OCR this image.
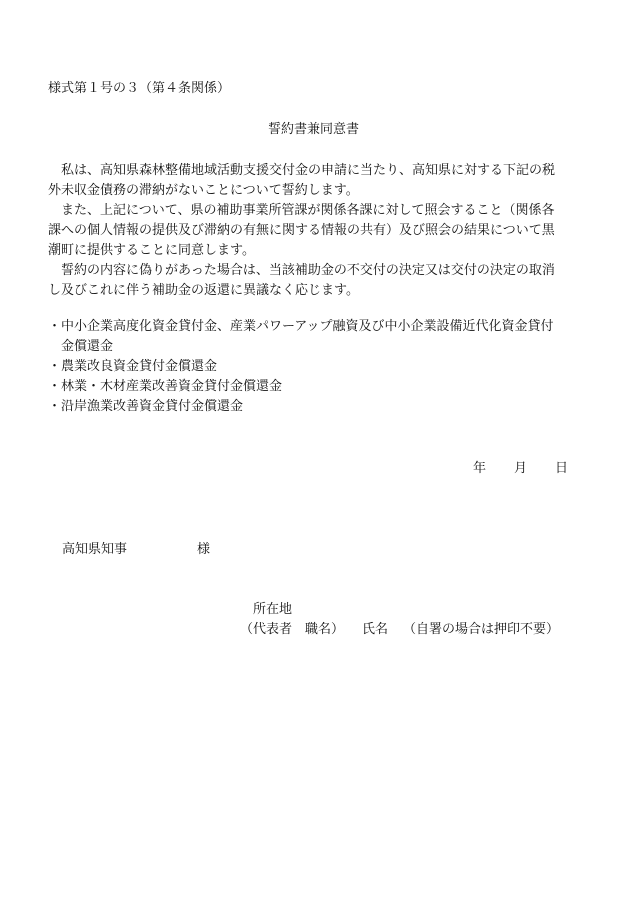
様式第１号の３（第４条関係）
誓約書兼同意書
私は、高知県森林整備地域活動支援交付金の申請に当たり、高知県に対する下記の税
外未収金債務の滞納がないことについて誓約します。
また、上記について、県の補助事業所管課が関係各課に対して照会すること（関係各
課への個人情報の提供及び滞納の有無に関する情報の共有）及び照会の結果について黒
潮町に提供することに同意します。
誓約の内容に偽りがあった場合は、当該補助金の不交付の決定又は交付の決定の取消
し及びこれに伴う補助金の返還に異議なく応じます。
・ 中小企業高度化資金貸付金、産業パワーアップ融資及び中小企業設備近代化資金貸付
金償還金
・ 農業改良資金貸付金償還金
・ 林業・木材産業改善資金貸付金償還金
・ 沿岸漁業改善資金貸付金償還金
年 月 日
高知県知事	様
所在地
（代表者　職名） 氏名 （自署の場合は押印不要）
